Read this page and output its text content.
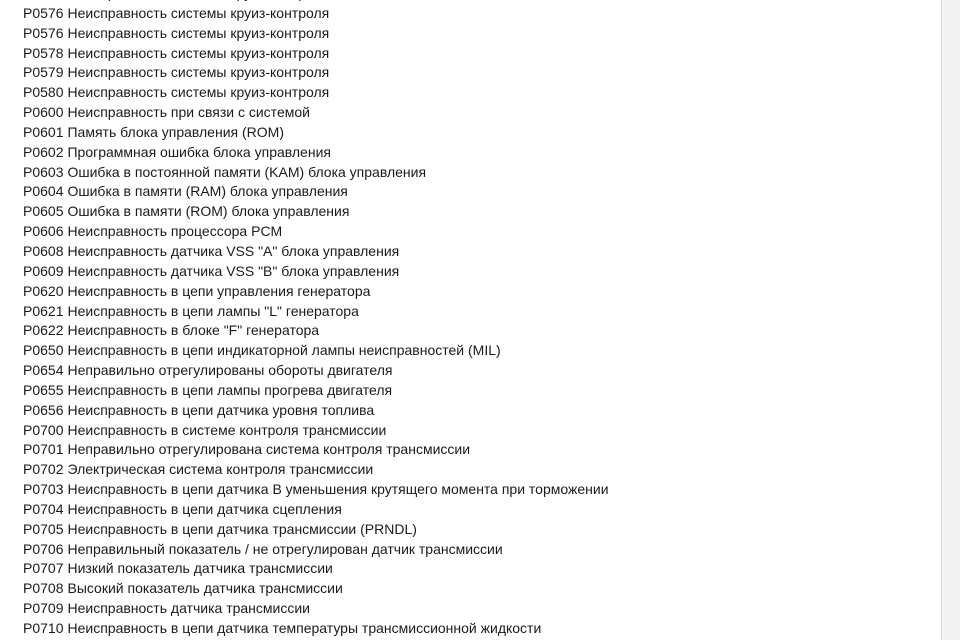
P0576 Неисправность системы круиз-контроля
P0576 Неисправность системы круиз-контроля
P0578 Неисправность системы круиз-контроля
P0579 Неисправность системы круиз-контроля
P0580 Неисправность системы круиз-контроля
P0600 Неисправность при связи с системой
P0601 Память блока управления (ROM)
P0602 Программная ошибка блока управления
P0603 Ошибка в постоянной памяти (KAM) блока управления
P0604 Ошибка в памяти (RAM) блока управления
P0605 Ошибка в памяти (ROM) блока управления
P0606 Неисправность процессора PCM
P0608 Неисправность датчика VSS "A" блока управления
P0609 Неисправность датчика VSS "B" блока управления
P0620 Неисправность в цепи управления генератора
P0621 Неисправность в цепи лампы "L" генератора
P0622 Неисправность в блоке "F" генератора
P0650 Неисправность в цепи индикаторной лампы неисправностей (MIL)
P0654 Неправильно отрегулированы обороты двигателя
P0655 Неисправность в цепи лампы прогрева двигателя
P0656 Неисправность в цепи датчика уровня топлива
P0700 Неисправность в системе контроля трансмиссии
P0701 Неправильно отрегулирована система контроля трансмиссии
P0702 Электрическая система контроля трансмиссии
P0703 Неисправность в цепи датчика B уменьшения крутящего момента при торможении
P0704 Неисправность в цепи датчика сцепления
P0705 Неисправность в цепи датчика трансмиссии (PRNDL)
P0706 Неправильный показатель / не отрегулирован датчик трансмиссии
P0707 Низкий показатель датчика трансмиссии
P0708 Высокий показатель датчика трансмиссии
P0709 Неисправность датчика трансмиссии
P0710 Неисправность в цепи датчика температуры трансмиссионной жидкости
